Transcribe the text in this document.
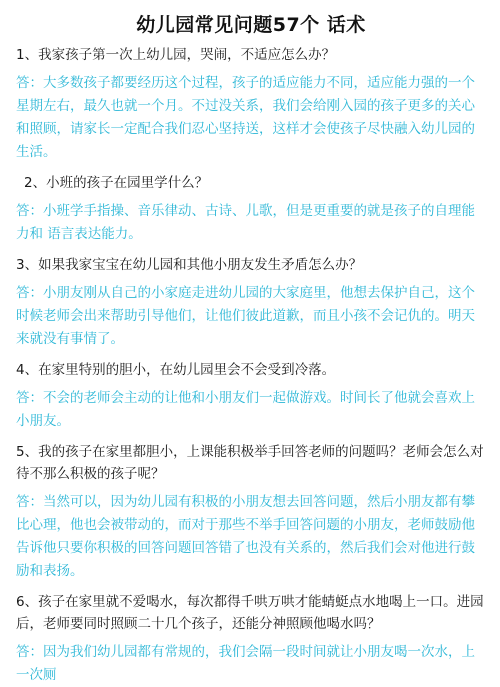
幼儿园常见问题57个 话术
1、我家孩子第一次上幼儿园，哭闹，不适应怎么办？
答：大多数孩子都要经历这个过程，孩子的适应能力不同，适应能力强的一个星期左右，最久也就一个月。不过没关系，我们会给刚入园的孩子更多的关心和照顾，请家长一定配合我们忍心坚持送，这样才会使孩子尽快融入幼儿园的生活。
2、小班的孩子在园里学什么？
答：小班学手指操、音乐律动、古诗、儿歌，但是更重要的就是孩子的自理能力和 语言表达能力。
3、如果我家宝宝在幼儿园和其他小朋友发生矛盾怎么办？
答：小朋友刚从自己的小家庭走进幼儿园的大家庭里，他想去保护自己，这个时候老师会出来帮助引导他们，让他们彼此道歉，而且小孩不会记仇的。明天来就没有事情了。
4、在家里特别的胆小，在幼儿园里会不会受到冷落。
答：不会的老师会主动的让他和小朋友们一起做游戏。时间长了他就会喜欢上小朋友。
5、我的孩子在家里都胆小，上课能积极举手回答老师的问题吗？老师会怎么对待不那么积极的孩子呢？
答：当然可以，因为幼儿园有积极的小朋友想去回答问题，然后小朋友都有攀比心理，他也会被带动的，而对于那些不举手回答问题的小朋友，老师鼓励他告诉他只要你积极的回答问题回答错了也没有关系的，然后我们会对他进行鼓励和表扬。
6、孩子在家里就不爱喝水，每次都得千哄万哄才能蜻蜓点水地喝上一口。进园后，老师要同时照顾二十几个孩子，还能分神照顾他喝水吗？
答：因为我们幼儿园都有常规的，我们会隔一段时间就让小朋友喝一次水，上一次厕
